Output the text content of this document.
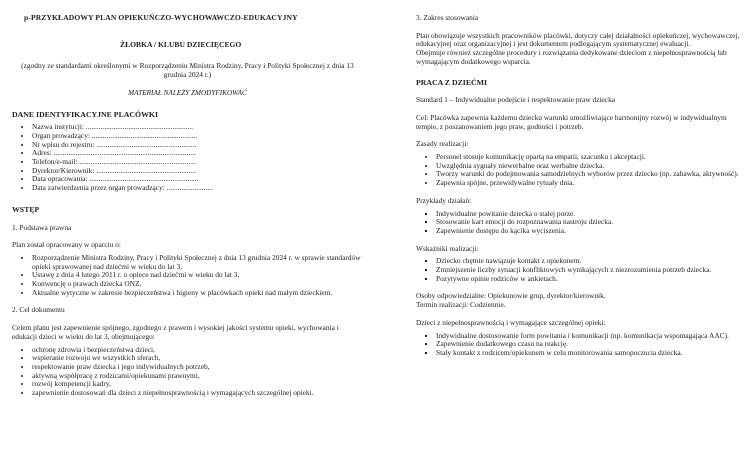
p-PRZYKŁADOWY PLAN OPIEKUŃCZO-WYCHOWAWCZO-EDUKACYJNY
ŻŁOBKA / KLUBU DZIECIĘCEGO
(zgodny ze standardami określonymi w Rozporządzeniu Ministra Rodziny, Pracy i Polityki Społecznej z dnia 13 grudnia 2024 r.)
MATERIAŁ NALEŻY ZMODYFIKOWAĆ
DANE IDENTYFIKACYJNE PLACÓWKI
• Nazwa instytucji: ..........................................................
• Organ prowadzący: .........................................................
• Nr wpisu do rejestru: ......................................................
• Adres: .............................................................................
• Telefon/e-mail: ...............................................................
• Dyrektor/Kierownik: ......................................................
• Data opracowania: ...........................................................
• Data zatwierdzenia przez organ prowadzący: .........................
WSTĘP
1. Podstawa prawna
Plan został opracowany w oparciu o:
• Rozporządzenie Ministra Rodziny, Pracy i Polityki Społecznej z dnia 13 grudnia 2024 r. w sprawie standardów opieki sprawowanej nad dziećmi w wieku do lat 3,
• Ustawę z dnia 4 lutego 2011 r. o opiece nad dziećmi w wieku do lat 3,
• Konwencję o prawach dziecka ONZ,
• Aktualne wytyczne w zakresie bezpieczeństwa i higieny w placówkach opieki nad małym dzieckiem.
2. Cel dokumentu
Celem planu jest zapewnienie spójnego, zgodnego z prawem i wysokiej jakości systemu opieki, wychowania i edukacji dzieci w wieku do lat 3, obejmującego:
• ochronę zdrowia i bezpieczeństwa dzieci,
• wspieranie rozwoju we wszystkich sferach,
• respektowanie praw dziecka i jego indywidualnych potrzeb,
• aktywną współpracę z rodzicami/opiekunami prawnymi,
• rozwój kompetencji kadry,
• zapewnienie dostosowań dla dzieci z niepełnosprawnością i wymagających szczególnej opieki.
3. Zakres stosowania
Plan obowiązuje wszystkich pracowników placówki, dotyczy całej działalności opiekuńczej, wychowawczej, edukacyjnej oraz organizacyjnej i jest dokumentem podlegającym systematycznej ewaluacji.
Obejmuje również szczególne procedury i rozwiązania dedykowane dzieciom z niepełnosprawnością lub wymagającym dodatkowego wsparcia.
PRACA Z DZIEĆMI
Standard 1 – Indywidualne podejście i respektowanie praw dziecka
Cel: Placówka zapewnia każdemu dziecku warunki umożliwiające harmonijny rozwój w indywidualnym tempie, z poszanowaniem jego praw, godności i potrzeb.
Zasady realizacji:
• Personel stosuje komunikację opartą na empatii, szacunku i akceptacji.
• Uwzględnia sygnały niewerbalne oraz werbalne dziecka.
• Tworzy warunki do podejmowania samodzielnych wyborów przez dziecko (np. zabawka, aktywność).
• Zapewnia spójne, przewidywalne rytuały dnia.
Przykłady działań:
▪ Indywidualne powitanie dziecka o stałej porze.
▪ Stosowanie kart emocji do rozpoznawania nastroju dziecka.
▪ Zapewnienie dostępu do kącika wyciszenia.
Wskaźniki realizacji:
▪ Dziecko chętnie nawiązuje kontakt z opiekunem.
▪ Zmniejszenie liczby sytuacji konfliktowych wynikających z niezrozumienia potrzeb dziecka.
▪ Pozytywne opinie rodziców w ankietach.
Osoby odpowiedzialne: Opiekunowie grup, dyrektor/kierownik.
Termin realizacji: Codziennie.
Dzieci z niepełnosprawnością i wymagające szczególnej opieki:
▪ Indywidualne dostosowanie form powitania i komunikacji (np. komunikacja wspomagająca AAC).
▪ Zapewnienie dodatkowego czasu na reakcję.
▪ Stały kontakt z rodzicem/opiekunem w celu monitorowania samopoczucia dziecka.
